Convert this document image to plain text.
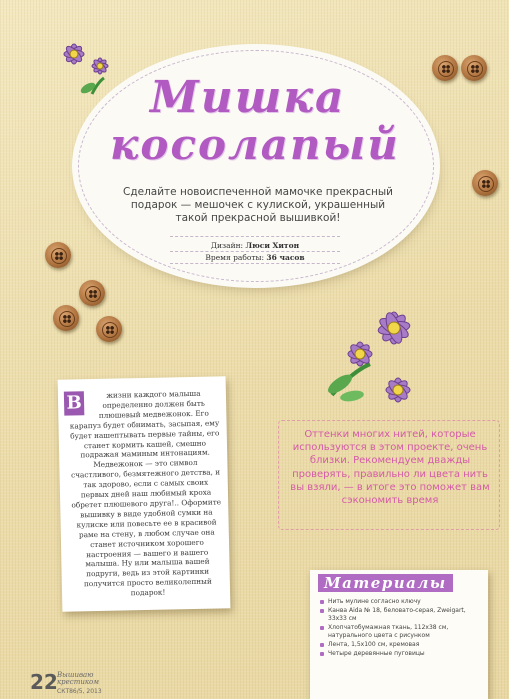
Мишка
косолапый
Сделайте новоиспеченной мамочке прекрасный подарок — мешочек с кулиской, украшенный такой прекрасной вышивкой!
Дизайн: Люси Хитон
Время работы: 36 часов
В	жизни каждого малыша определенно должен быть плюшевый медвежонок. Его карапуз будет обнимать, засыпая, ему будет нашептывать первые тайны, его станет кормить кашей, смешно подражая маминым интонациям. Медвежонок — это символ счастливого, безмятежного детства, и так здорово, если с самых своих первых дней наш любимый кроха обретет плюшевого друга!.. Оформите вышивку в виде удобной сумки на кулиске или повесьте ее в красивой раме на стену, в любом случае она станет источником хорошего настроения — вашего и вашего малыша. Ну или малыша вашей подруги, ведь из этой картинки получится просто великолепный подарок!
Оттенки многих нитей, которые используются в этом проекте, очень близки. Рекомендуем дважды проверять, правильно ли цвета нить вы взяли, — в итоге это поможет вам сэкономить время
Материалы
Нить мулине согласно ключу
Канва Aida № 18, беловато-серая, Zweigart, 33х33 см
Хлопчатобумажная ткань, 112х38 см, натурального цвета с рисунком
Лента, 1,5х100 см, кремовая
Четыре деревянные пуговицы
22 Вышиваю
крестиком
СКТ86/5, 2013
